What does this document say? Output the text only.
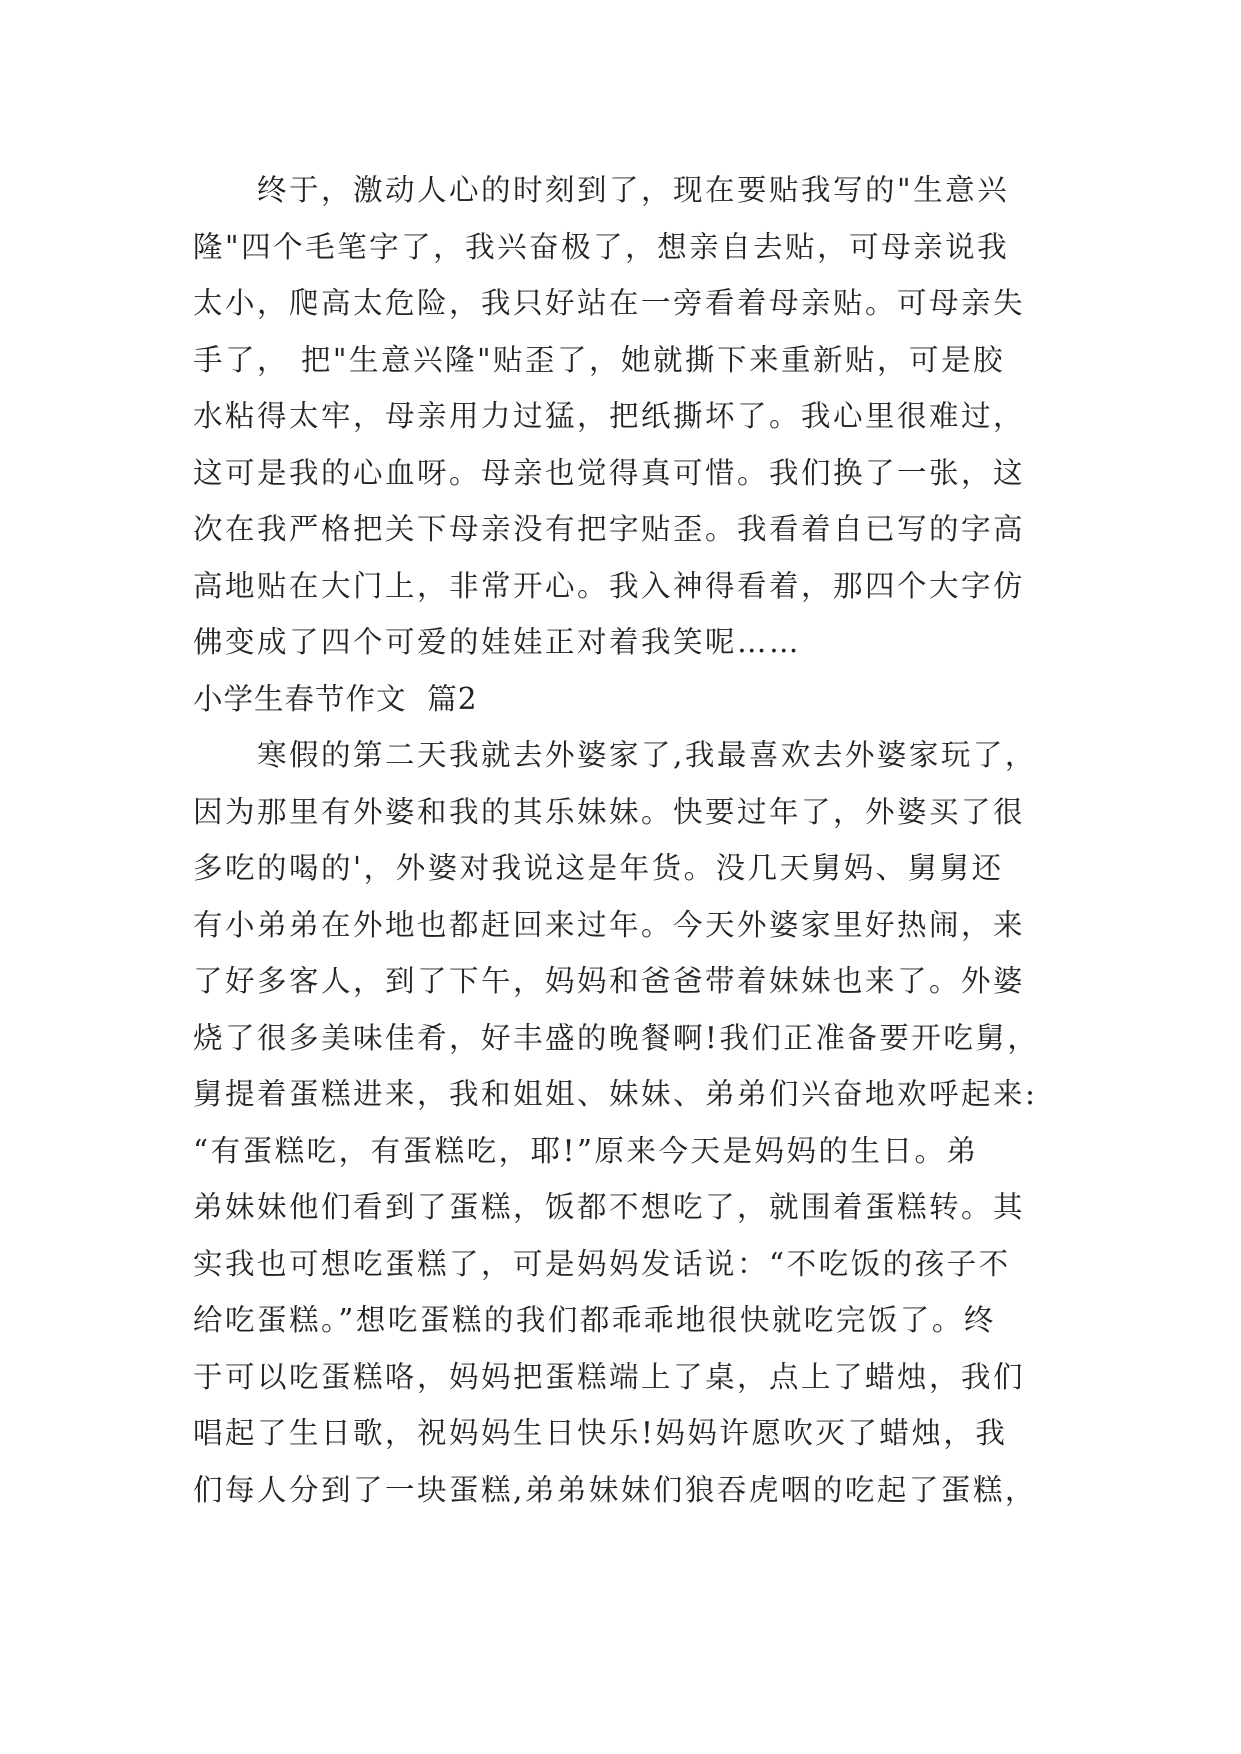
终于，激动人心的时刻到了，现在要贴我写的"生意兴
隆"四个毛笔字了，我兴奋极了，想亲自去贴，可母亲说我
太小，爬高太危险，我只好站在一旁看着母亲贴。可母亲失
手了， 把"生意兴隆"贴歪了，她就撕下来重新贴，可是胶
水粘得太牢，母亲用力过猛，把纸撕坏了。我心里很难过，
这可是我的心血呀。母亲也觉得真可惜。我们换了一张，这
次在我严格把关下母亲没有把字贴歪。我看着自已写的字高
高地贴在大门上，非常开心。我入神得看着，那四个大字仿
佛变成了四个可爱的娃娃正对着我笑呢……
小学生春节作文  篇2
寒假的第二天我就去外婆家了,我最喜欢去外婆家玩了，
因为那里有外婆和我的其乐妹妹。快要过年了，外婆买了很
多吃的喝的'，外婆对我说这是年货。没几天舅妈、舅舅还
有小弟弟在外地也都赶回来过年。今天外婆家里好热闹，来
了好多客人，到了下午，妈妈和爸爸带着妹妹也来了。外婆
烧了很多美味佳肴，好丰盛的晚餐啊!我们正准备要开吃舅，
舅提着蛋糕进来，我和姐姐、妹妹、弟弟们兴奋地欢呼起来:
“有蛋糕吃，有蛋糕吃，耶!”原来今天是妈妈的生日。弟
弟妹妹他们看到了蛋糕，饭都不想吃了，就围着蛋糕转。其
实我也可想吃蛋糕了，可是妈妈发话说：“不吃饭的孩子不
给吃蛋糕。”想吃蛋糕的我们都乖乖地很快就吃完饭了。终
于可以吃蛋糕咯，妈妈把蛋糕端上了桌，点上了蜡烛，我们
唱起了生日歌，祝妈妈生日快乐!妈妈许愿吹灭了蜡烛，我
们每人分到了一块蛋糕,弟弟妹妹们狼吞虎咽的吃起了蛋糕，
